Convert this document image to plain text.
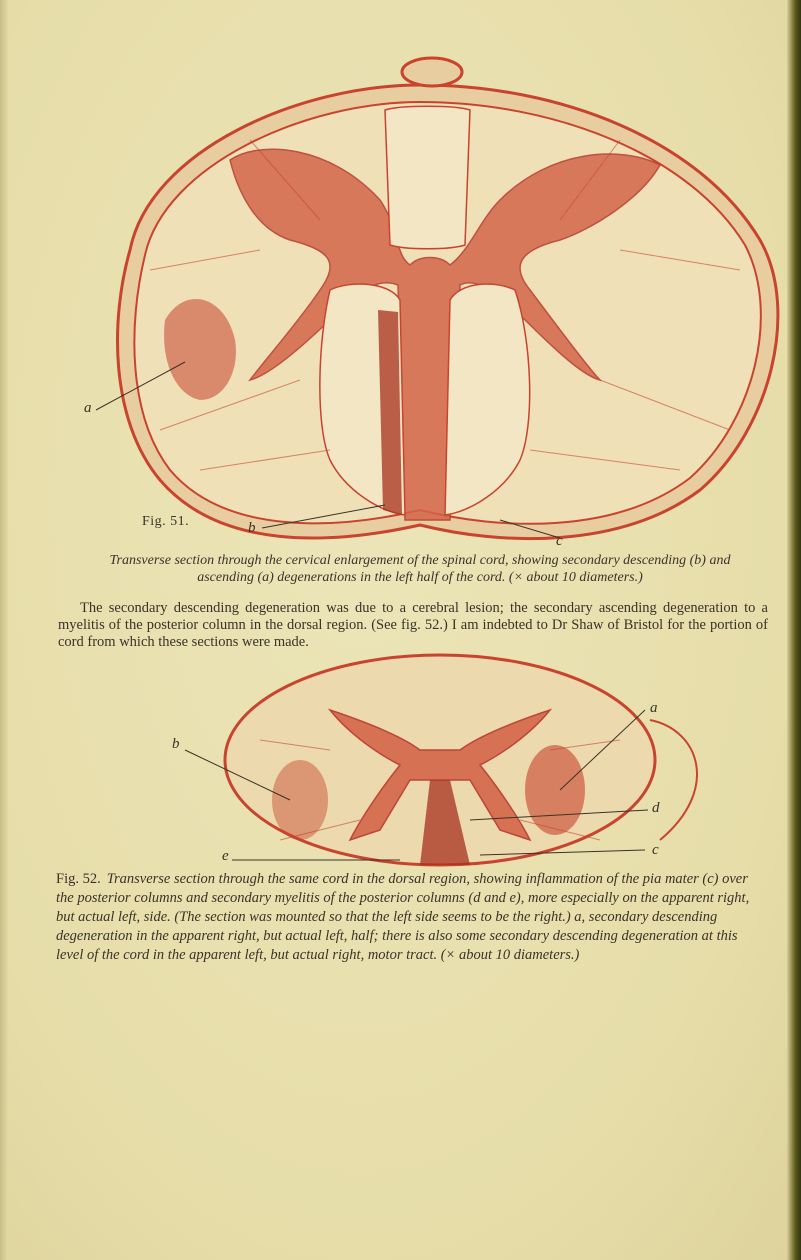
a
Fig. 51.	b
c

Transverse section through the cervical enlargement of the spinal cord, showing secondary descending (b) and ascending (a) degenerations in the left half of the cord. (× about 10 diameters.)

The secondary descending degeneration was due to a cerebral lesion; the secondary ascending degeneration to a myelitis of the posterior column in the dorsal region. (See fig. 52.) I am indebted to Dr Shaw of Bristol for the portion of cord from which these sections were made.

b
a
d
e	c

Fig. 52. Transverse section through the same cord in the dorsal region, showing inflammation of the pia mater (c) over the posterior columns and secondary myelitis of the posterior columns (d and e), more especially on the apparent right, but actual left, side. (The section was mounted so that the left side seems to be the right.) a, secondary descending degeneration in the apparent right, but actual left, half; there is also some secondary descending degeneration at this level of the cord in the apparent left, but actual right, motor tract. (× about 10 diameters.)
